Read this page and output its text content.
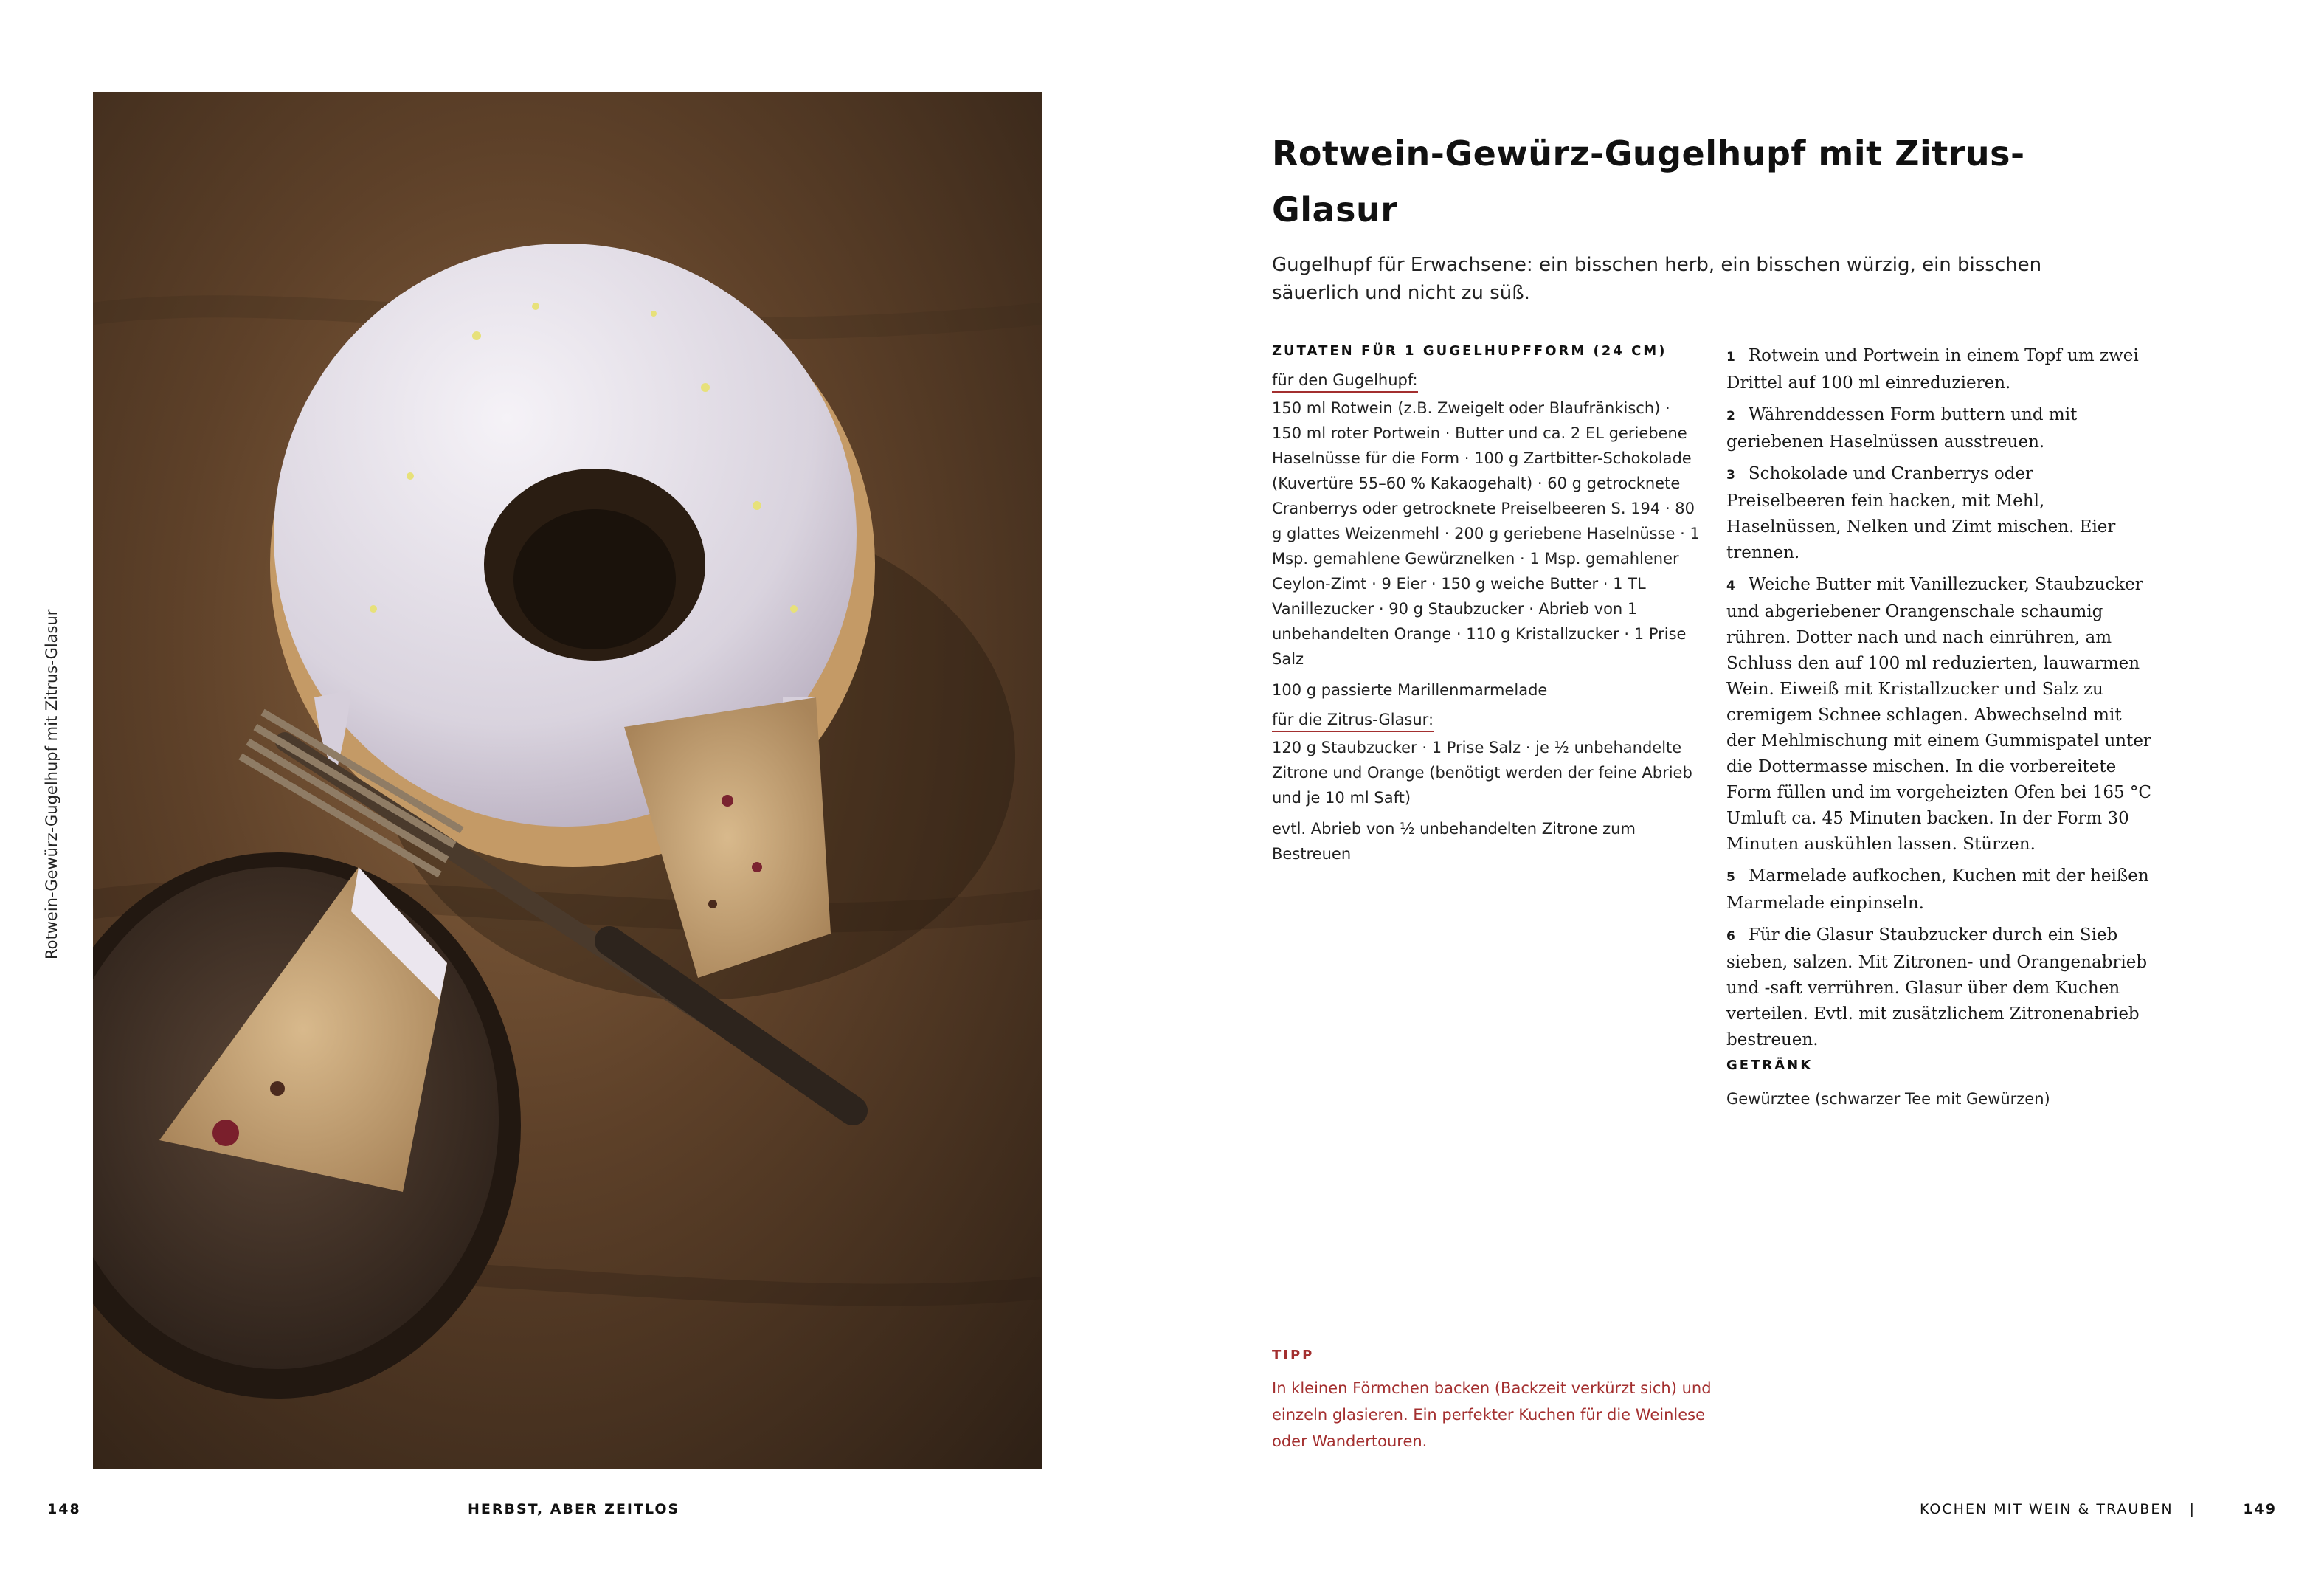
Rotwein-Gewürz-Gugelhupf mit Zitrus-Glasur
Rotwein-Gewürz-Gugelhupf mit Zitrus-Glasur

Gugelhupf für Erwachsene: ein bisschen herb, ein bisschen würzig, ein bisschen säuerlich und nicht zu süß.

ZUTATEN FÜR 1 GUGELHUPFFORM (24 CM)
für den Gugelhupf:

150 ml Rotwein (z.B. Zweigelt oder Blaufränkisch) · 150 ml roter Portwein · Butter und ca. 2 EL geriebene Haselnüsse für die Form · 100 g Zartbitter-Schokolade (Kuvertüre 55–60 % Kakaogehalt) · 60 g getrocknete Cranberrys oder getrocknete Preiselbeeren S. 194 · 80 g glattes Weizenmehl · 200 g geriebene Haselnüsse · 1 Msp. gemahlene Gewürznelken · 1 Msp. gemahlener Ceylon-Zimt · 9 Eier · 150 g weiche Butter · 1 TL Vanillezucker · 90 g Staubzucker · Abrieb von 1 unbehandelten Orange · 110 g Kristallzucker · 1 Prise Salz

100 g passierte Marillenmarmelade

für die Zitrus-Glasur:

120 g Staubzucker · 1 Prise Salz · je ½ unbehandelte Zitrone und Orange (benötigt werden der feine Abrieb und je 10 ml Saft)

evtl. Abrieb von ½ unbehandelten Zitrone zum Bestreuen

1 Rotwein und Portwein in einem Topf um zwei Drittel auf 100 ml einreduzieren.

2 Währenddessen Form buttern und mit geriebenen Haselnüssen ausstreuen.

3 Schokolade und Cranberrys oder Preiselbeeren fein hacken, mit Mehl, Haselnüssen, Nelken und Zimt mischen. Eier trennen.

4 Weiche Butter mit Vanillezucker, Staubzucker und abgeriebener Orangenschale schaumig rühren. Dotter nach und nach einrühren, am Schluss den auf 100 ml reduzierten, lauwarmen Wein. Eiweiß mit Kristallzucker und Salz zu cremigem Schnee schlagen. Abwechselnd mit der Mehlmischung mit einem Gummispatel unter die Dottermasse mischen. In die vorbereitete Form füllen und im vorgeheizten Ofen bei 165 °C Umluft ca. 45 Minuten backen. In der Form 30 Minuten auskühlen lassen. Stürzen.

5 Marmelade aufkochen, Kuchen mit der heißen Marmelade einpinseln.

6 Für die Glasur Staubzucker durch ein Sieb sieben, salzen. Mit Zitronen- und Orangenabrieb und -saft verrühren. Glasur über dem Kuchen verteilen. Evtl. mit zusätzlichem Zitronenabrieb bestreuen.

GETRÄNK

Gewürztee (schwarzer Tee mit Gewürzen)

TIPP

In kleinen Förmchen backen (Backzeit verkürzt sich) und einzeln glasieren. Ein perfekter Kuchen für die Weinlese oder Wandertouren.

148	HERBST, ABER ZEITLOS	KOCHEN MIT WEIN & TRAUBEN |	149
